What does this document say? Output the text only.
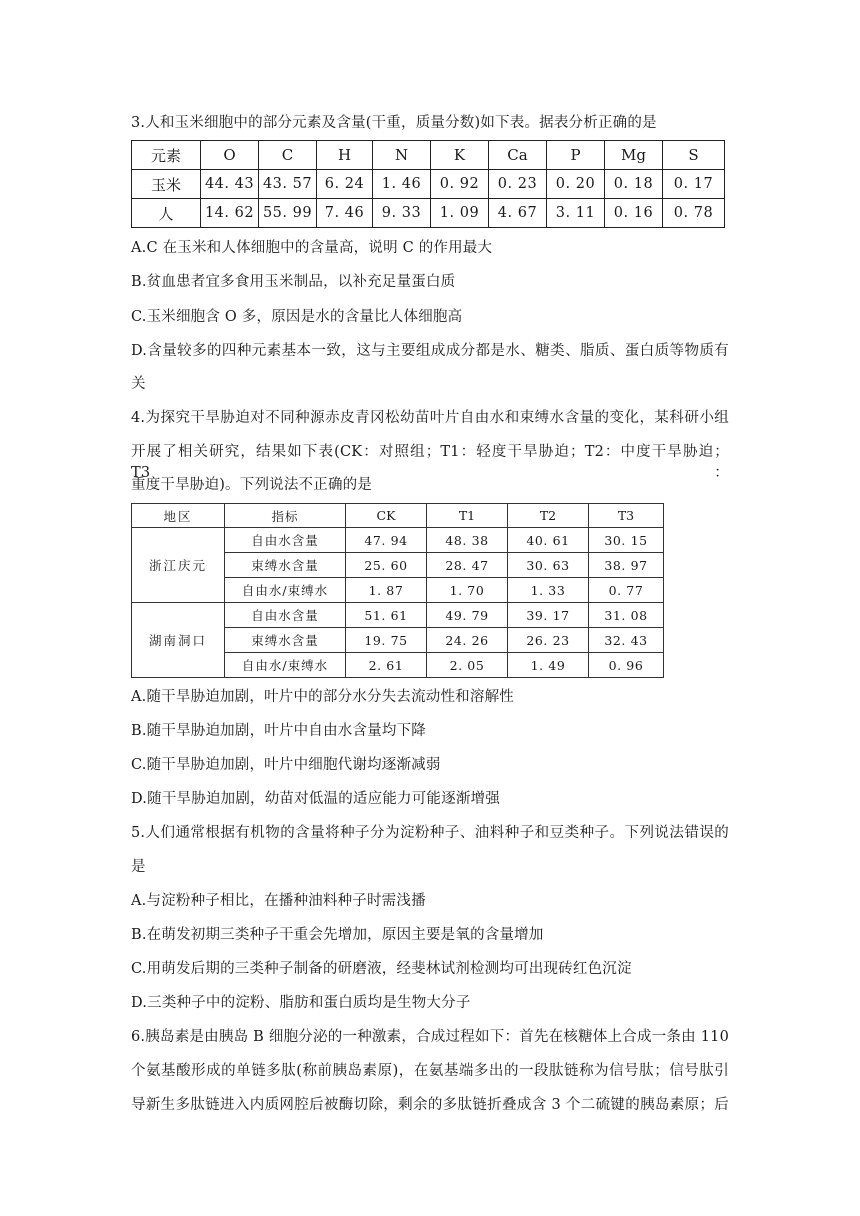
3.人和玉米细胞中的部分元素及含量(干重，质量分数)如下表。据表分析正确的是
元素	O	C	H	N	K	Ca	P	Mg	S
玉米	44. 43	43. 57	6. 24	1. 46	0. 92	0. 23	0. 20	0. 18	0. 17
人	14. 62	55. 99	7. 46	9. 33	1. 09	4. 67	3. 11	0. 16	0. 78
A.C 在玉米和人体细胞中的含量高，说明 C 的作用最大
B.贫血患者宜多食用玉米制品，以补充足量蛋白质
C.玉米细胞含 O 多，原因是水的含量比人体细胞高
D.含量较多的四种元素基本一致，这与主要组成成分都是水、糖类、脂质、蛋白质等物质有
关
4.为探究干旱胁迫对不同种源赤皮青冈松幼苗叶片自由水和束缚水含量的变化，某科研小组
开展了相关研究，结果如下表(CK：对照组；T1：轻度干旱胁迫；T2：中度干旱胁迫；T3：
重度干旱胁迫)。下列说法不正确的是
地区	指标	CK	T1	T2	T3
浙江庆元	自由水含量	47. 94	48. 38	40. 61	30. 15
	束缚水含量	25. 60	28. 47	30. 63	38. 97
	自由水/束缚水	1. 87	1. 70	1. 33	0. 77
湖南洞口	自由水含量	51. 61	49. 79	39. 17	31. 08
	束缚水含量	19. 75	24. 26	26. 23	32. 43
	自由水/束缚水	2. 61	2. 05	1. 49	0. 96
A.随干旱胁迫加剧，叶片中的部分水分失去流动性和溶解性
B.随干旱胁迫加剧，叶片中自由水含量均下降
C.随干旱胁迫加剧，叶片中细胞代谢均逐渐减弱
D.随干旱胁迫加剧，幼苗对低温的适应能力可能逐渐增强
5.人们通常根据有机物的含量将种子分为淀粉种子、油料种子和豆类种子。下列说法错误的
是
A.与淀粉种子相比，在播种油料种子时需浅播
B.在萌发初期三类种子干重会先增加，原因主要是氧的含量增加
C.用萌发后期的三类种子制备的研磨液，经斐林试剂检测均可出现砖红色沉淀
D.三类种子中的淀粉、脂肪和蛋白质均是生物大分子
6.胰岛素是由胰岛 B 细胞分泌的一种激素，合成过程如下：首先在核糖体上合成一条由 110
个氨基酸形成的单链多肽(称前胰岛素原)，在氨基端多出的一段肽链称为信号肽；信号肽引
导新生多肽链进入内质网腔后被酶切除，剩余的多肽链折叠成含 3 个二硫键的胰岛素原；后
